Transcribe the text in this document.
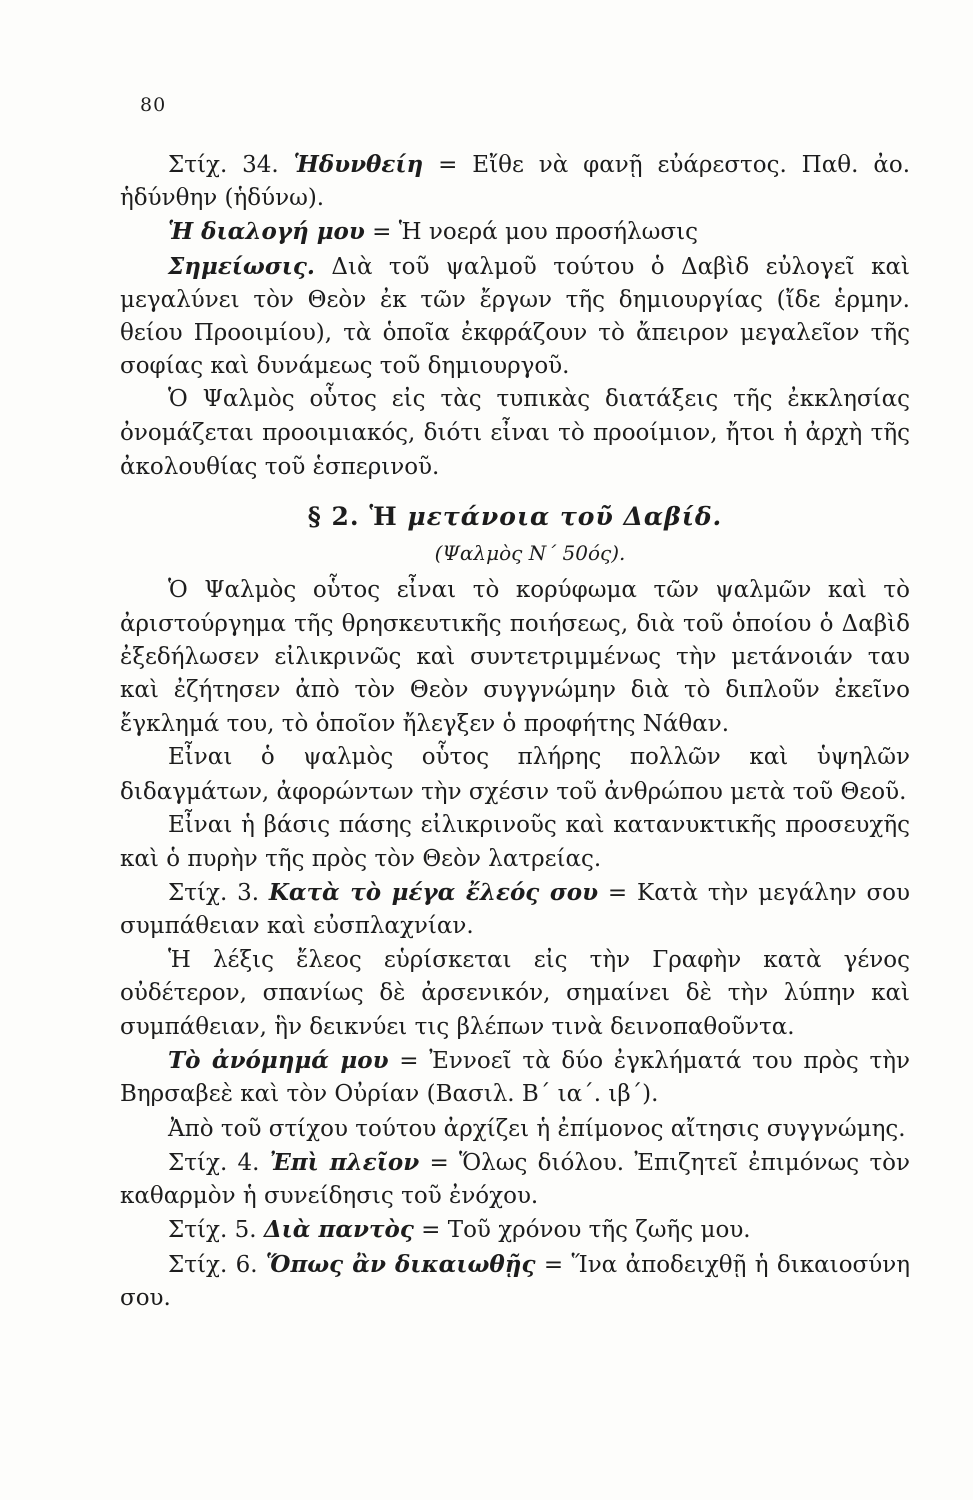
80

Στίχ. 34. Ἡδυνθείη = Εἴθε νὰ φανῇ εὐάρεστος. Παθ. ἀο. ἡδύνθην (ἡδύνω).

Ἡ διαλογή μου = Ἡ νοερά μου προσήλωσις

Σημείωσις. Διὰ τοῦ ψαλμοῦ τούτου ὁ Δαβὶδ εὐλογεῖ καὶ μεγαλύνει τὸν Θεὸν ἐκ τῶν ἔργων τῆς δημιουργίας (ἴδε ἑρμην. θείου Προοιμίου), τὰ ὁποῖα ἐκφράζουν τὸ ἄπειρον μεγαλεῖον τῆς σοφίας καὶ δυνάμεως τοῦ δημιουργοῦ.

Ὁ Ψαλμὸς οὗτος εἰς τὰς τυπικὰς διατάξεις τῆς ἐκκλησίας ὀνομάζεται προοιμιακός, διότι εἶναι τὸ προοίμιον, ἤτοι ἡ ἀρχὴ τῆς ἀκολουθίας τοῦ ἑσπερινοῦ.

§ 2. Ἡ μετάνοια τοῦ Δαβίδ.
(Ψαλμὸς Ν΄ 50ός).

Ὁ Ψαλμὸς οὗτος εἶναι τὸ κορύφωμα τῶν ψαλμῶν καὶ τὸ ἀριστούργημα τῆς θρησκευτικῆς ποιήσεως, διὰ τοῦ ὁποίου ὁ Δαβὶδ ἐξεδήλωσεν εἰλικρινῶς καὶ συντετριμμένως τὴν μετάνοιάν ταυ καὶ ἐζήτησεν ἀπὸ τὸν Θεὸν συγγνώμην διὰ τὸ διπλοῦν ἐκεῖνο ἔγκλημά του, τὸ ὁποῖον ἤλεγξεν ὁ προφήτης Νάθαν.

Εἶναι ὁ ψαλμὸς οὗτος πλήρης πολλῶν καὶ ὑψηλῶν διδαγμάτων, ἀφορώντων τὴν σχέσιν τοῦ ἀνθρώπου μετὰ τοῦ Θεοῦ.

Εἶναι ἡ βάσις πάσης εἰλικρινοῦς καὶ κατανυκτικῆς προσευχῆς καὶ ὁ πυρὴν τῆς πρὸς τὸν Θεὸν λατρείας.

Στίχ. 3. Κατὰ τὸ μέγα ἔλεός σου = Κατὰ τὴν μεγάλην σου συμπάθειαν καὶ εὐσπλαχνίαν.

Ἡ λέξις ἔλεος εὑρίσκεται εἰς τὴν Γραφὴν κατὰ γένος οὐδέτερον, σπανίως δὲ ἀρσενικόν, σημαίνει δὲ τὴν λύπην καὶ συμπάθειαν, ἣν δεικνύει τις βλέπων τινὰ δεινοπαθοῦντα.

Τὸ ἀνόμημά μου = Ἐννοεῖ τὰ δύο ἐγκλήματά του πρὸς τὴν Βηρσαβεὲ καὶ τὸν Οὐρίαν (Βασιλ. Β΄ ια΄. ιβ΄).

Ἀπὸ τοῦ στίχου τούτου ἀρχίζει ἡ ἐπίμονος αἴτησις συγγνώμης.

Στίχ. 4. Ἐπὶ πλεῖον = Ὅλως διόλου. Ἐπιζητεῖ ἐπιμόνως τὸν καθαρμὸν ἡ συνείδησις τοῦ ἐνόχου.

Στίχ. 5. Διὰ παντὸς = Τοῦ χρόνου τῆς ζωῆς μου.

Στίχ. 6. Ὅπως ἂν δικαιωθῇς = Ἵνα ἀποδειχθῇ ἡ δικαιοσύνη σου.
